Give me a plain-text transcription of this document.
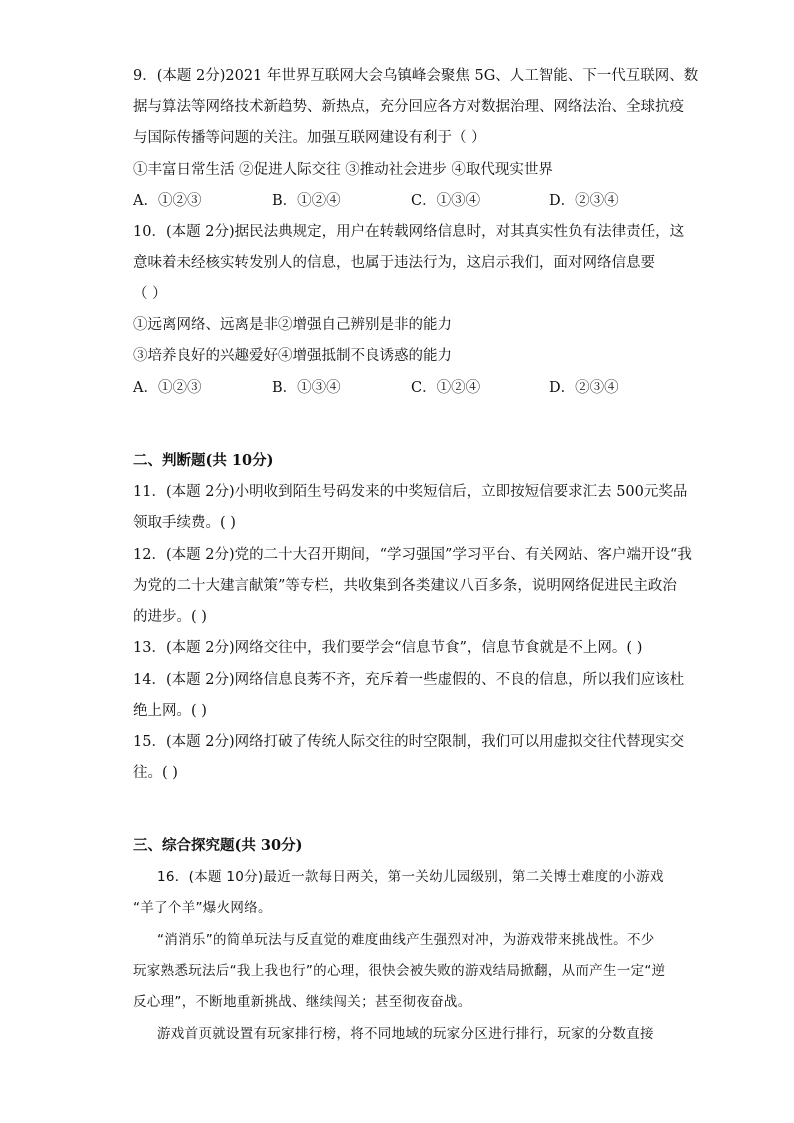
9．(本题 2分)2021 年世界互联网大会乌镇峰会聚焦 5G、人工智能、下一代互联网、数
据与算法等网络技术新趋势、新热点，充分回应各方对数据治理、网络法治、全球抗疫
与国际传播等问题的关注。加强互联网建设有利于（ ）
①丰富日常生活 ②促进人际交往 ③推动社会进步 ④取代现实世界
A．①②③	B．①②④	C．①③④	D．②③④
10．(本题 2分)据民法典规定，用户在转载网络信息时，对其真实性负有法律责任，这
意味着未经核实转发别人的信息，也属于违法行为，这启示我们，面对网络信息要
（ ）
①远离网络、远离是非②增强自己辨别是非的能力
③培养良好的兴趣爱好④增强抵制不良诱惑的能力
A．①②③	B．①③④	C．①②④	D．②③④
二、判断题(共 10分)
11．(本题 2分)小明收到陌生号码发来的中奖短信后，立即按短信要求汇去 500元奖品
领取手续费。( )
12．(本题 2分)党的二十大召开期间，“学习强国”学习平台、有关网站、客户端开设“我
为党的二十大建言献策”等专栏，共收集到各类建议八百多条，说明网络促进民主政治
的进步。( )
13．(本题 2分)网络交往中，我们要学会“信息节食”，信息节食就是不上网。( )
14．(本题 2分)网络信息良莠不齐，充斥着一些虚假的、不良的信息，所以我们应该杜
绝上网。( )
15．(本题 2分)网络打破了传统人际交往的时空限制，我们可以用虚拟交往代替现实交
往。( )
三、综合探究题(共 30分)
16．(本题 10分)最近一款每日两关，第一关幼儿园级别，第二关博士难度的小游戏
“羊了个羊”爆火网络。
“消消乐”的简单玩法与反直觉的难度曲线产生强烈对冲，为游戏带来挑战性。不少
玩家熟悉玩法后“我上我也行”的心理，很快会被失败的游戏结局掀翻，从而产生一定“逆
反心理”，不断地重新挑战、继续闯关；甚至彻夜奋战。
游戏首页就设置有玩家排行榜，将不同地域的玩家分区进行排行，玩家的分数直接
